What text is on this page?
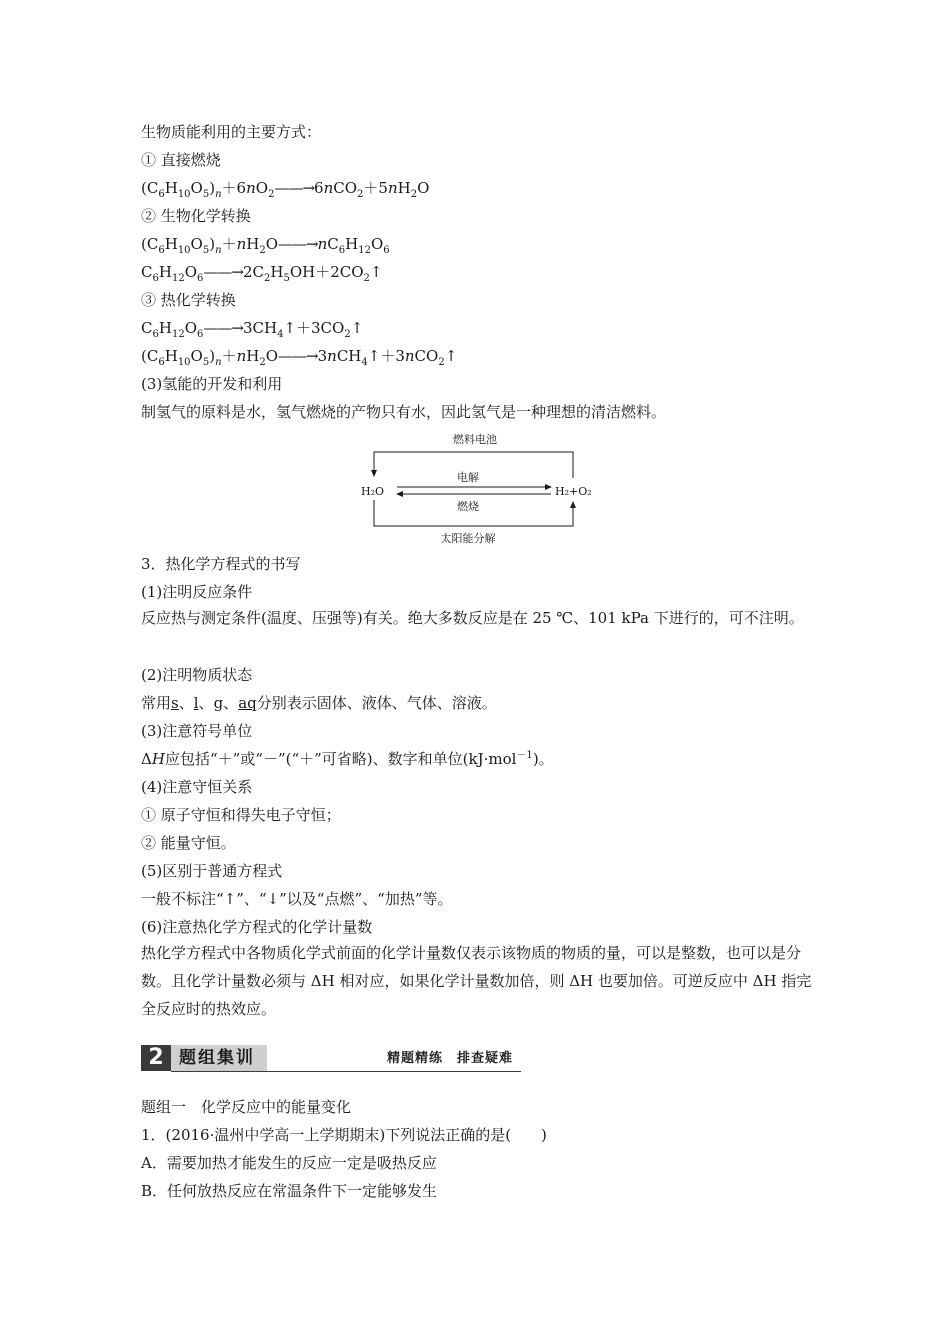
生物质能利用的主要方式：
① 直接燃烧
$(C_6H_{10}O_5)_n+6nO_2——\to 6nCO_2+5nH_2O$
② 生物化学转换
$(C_6H_{10}O_5)_n+nH_2O——\to nC_6H_{12}O_6$
$C_6H_{12}O_6——\to 2C_2H_5OH+2CO_2↑$
③ 热化学转换
$C_6H_{12}O_6——\to 3CH_4↑+3CO_2↑$
$(C_6H_{10}O_5)_n+nH_2O——\to 3nCH_4↑+3nCO_2↑$
(3)氢能的开发和利用
制氢气的原料是水，氢气燃烧的产物只有水，因此氢气是一种理想的清洁燃料。
燃料电池
电解
H₂O	H₂+O₂
燃烧
太阳能分解
3．热化学方程式的书写
(1)注明反应条件
反应热与测定条件(温度、压强等)有关。绝大多数反应是在 25 ℃、101 kPa 下进行的，可不注明。
(2)注明物质状态
常用s、l、g、aq分别表示固体、液体、气体、溶液。
(3)注意符号单位
ΔH应包括“＋”或“－”(“＋”可省略)、数字和单位(kJ·mol$^{-1}$)。
(4)注意守恒关系
① 原子守恒和得失电子守恒；
② 能量守恒。
(5)区别于普通方程式
一般不标注“↑”、“↓”以及“点燃”、“加热”等。
(6)注意热化学方程式的化学计量数
热化学方程式中各物质化学式前面的化学计量数仅表示该物质的物质的量，可以是整数，也可以是分数。且化学计量数必须与 ΔH 相对应，如果化学计量数加倍，则 ΔH 也要加倍。可逆反应中 ΔH 指完全反应时的热效应。
2 题组集训	精题精练　排查疑难
题组一　化学反应中的能量变化
1．(2016·温州中学高一上学期期末)下列说法正确的是(　　)
A．需要加热才能发生的反应一定是吸热反应
B．任何放热反应在常温条件下一定能够发生
